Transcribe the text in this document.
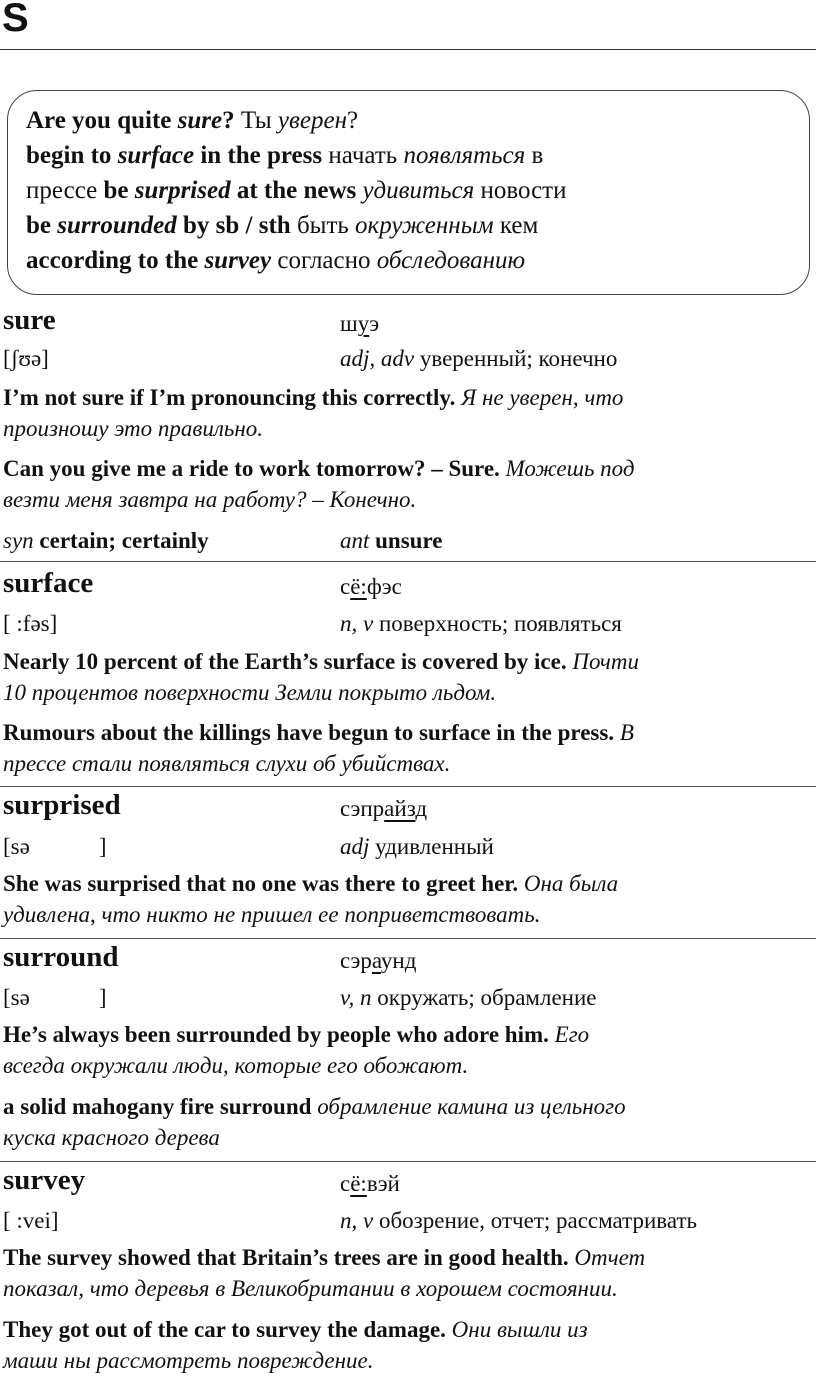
S
Are you quite sure? Ты уверен?
begin to surface in the press начать появляться в
прессе be surprised at the news удивиться новости
be surrounded by sb / sth быть окруженным кем
according to the survey согласно обследованию
sure	шуэ
[ʃʊə]	adj, adv уверенный; конечно
I’m not sure if I’m pronouncing this correctly. Я не уверен, что
произношу это правильно.
Can you give me a ride to work tomorrow? – Sure. Можешь под
везти меня завтра на работу? – Конечно.
syn certain; certainly	ant unsure
surface	сё:фэс
[ :fəs]	n, v поверхность; появляться
Nearly 10 percent of the Earth’s surface is covered by ice. Почти
10 процентов поверхности Земли покрыто льдом.
Rumours about the killings have begun to surface in the press. В
прессе стали появляться слухи об убийствах.
surprised	сэпрайзд
[sə            ]	adj удивленный
She was surprised that no one was there to greet her. Она была
удивлена, что никто не пришел ее поприветствовать.
surround	сэраунд
[sə            ]	v, n окружать; обрамление
He’s always been surrounded by people who adore him. Его
всегда окружали люди, которые его обожают.
a solid mahogany fire surround обрамление камина из цельного
куска красного дерева
survey	сё:вэй
[ :vei]	n, v обозрение, отчет; рассматривать
The survey showed that Britain’s trees are in good health. Отчет
показал, что деревья в Великобритании в хорошем состоянии.
They got out of the car to survey the damage. Они вышли из
маши ны рассмотреть повреждение.
